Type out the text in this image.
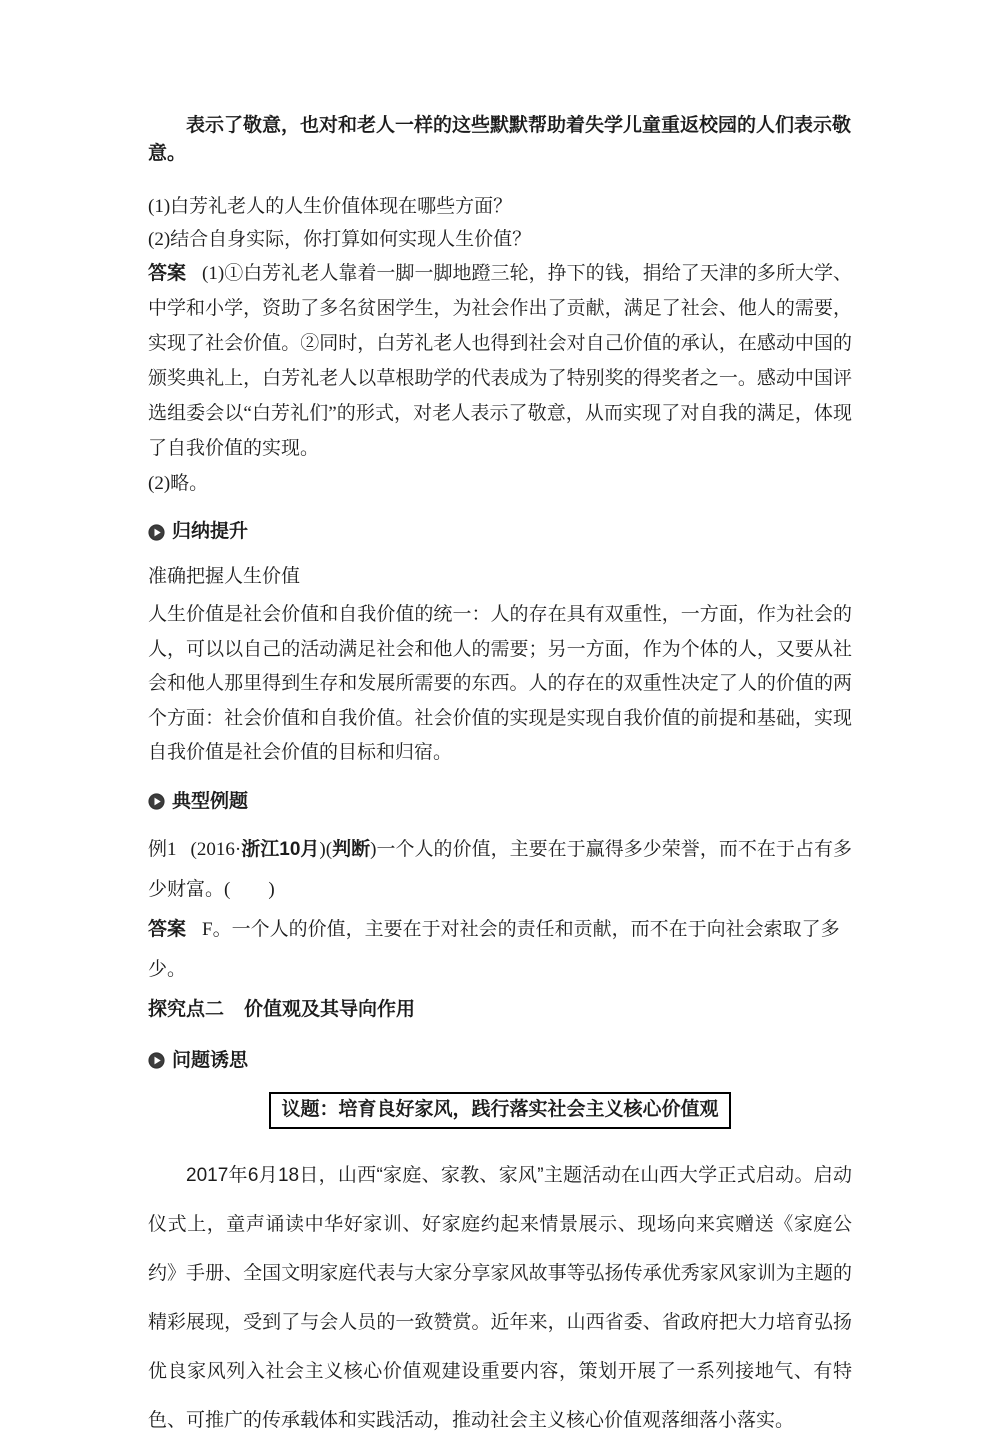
表示了敬意，也对和老人一样的这些默默帮助着失学儿童重返校园的人们表示敬意。

(1)白芳礼老人的人生价值体现在哪些方面？

(2)结合自身实际，你打算如何实现人生价值？

答案 (1)①白芳礼老人靠着一脚一脚地蹬三轮，挣下的钱，捐给了天津的多所大学、中学和小学，资助了多名贫困学生，为社会作出了贡献，满足了社会、他人的需要，实现了社会价值。②同时，白芳礼老人也得到社会对自己价值的承认，在感动中国的颁奖典礼上，白芳礼老人以草根助学的代表成为了特别奖的得奖者之一。感动中国评选组委会以“白芳礼们”的形式，对老人表示了敬意，从而实现了对自我的满足，体现了自我价值的实现。

(2)略。

归纳提升

准确把握人生价值

人生价值是社会价值和自我价值的统一：人的存在具有双重性，一方面，作为社会的人，可以以自己的活动满足社会和他人的需要；另一方面，作为个体的人，又要从社会和他人那里得到生存和发展所需要的东西。人的存在的双重性决定了人的价值的两个方面：社会价值和自我价值。社会价值的实现是实现自我价值的前提和基础，实现自我价值是社会价值的目标和归宿。

典型例题

例1 (2016·浙江10月)(判断)一个人的价值，主要在于赢得多少荣誉，而不在于占有多少财富。(　　)

答案 F。一个人的价值，主要在于对社会的责任和贡献，而不在于向社会索取了多少。

探究点二 价值观及其导向作用

问题诱思
议题：培育良好家风，践行落实社会主义核心价值观

2017年6月18日，山西“家庭、家教、家风”主题活动在山西大学正式启动。启动仪式上，童声诵读中华好家训、好家庭约起来情景展示、现场向来宾赠送《家庭公约》手册、全国文明家庭代表与大家分享家风故事等弘扬传承优秀家风家训为主题的精彩展现，受到了与会人员的一致赞赏。近年来，山西省委、省政府把大力培育弘扬优良家风列入社会主义核心价值观建设重要内容，策划开展了一系列接地气、有特色、可推广的传承载体和实践活动，推动社会主义核心价值观落细落小落实。
